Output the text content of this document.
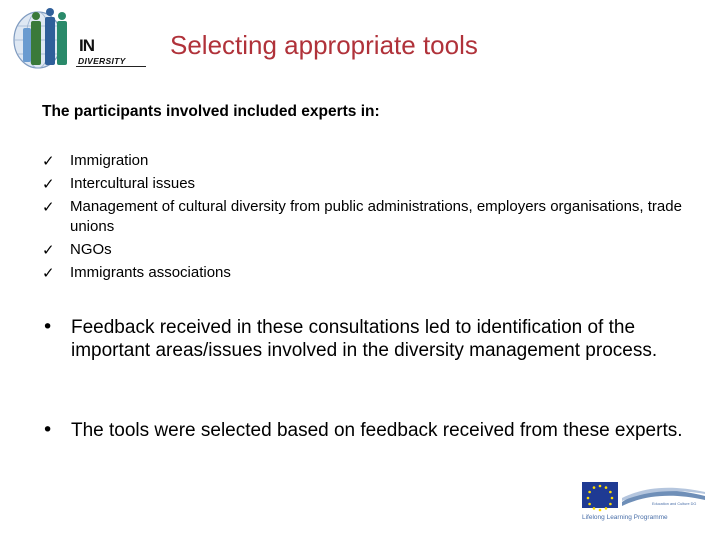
IN
DIVERSITY
Selecting appropriate tools
The participants involved included experts in:
✓ Immigration
✓ Intercultural issues
✓ Management of cultural diversity from public administrations, employers organisations, trade unions
✓ NGOs
✓ Immigrants associations
• Feedback received in these consultations led to identification of the important areas/issues involved in the diversity management process.
• The tools were selected based on feedback received from these experts.
Education and Culture DG
Lifelong Learning Programme
